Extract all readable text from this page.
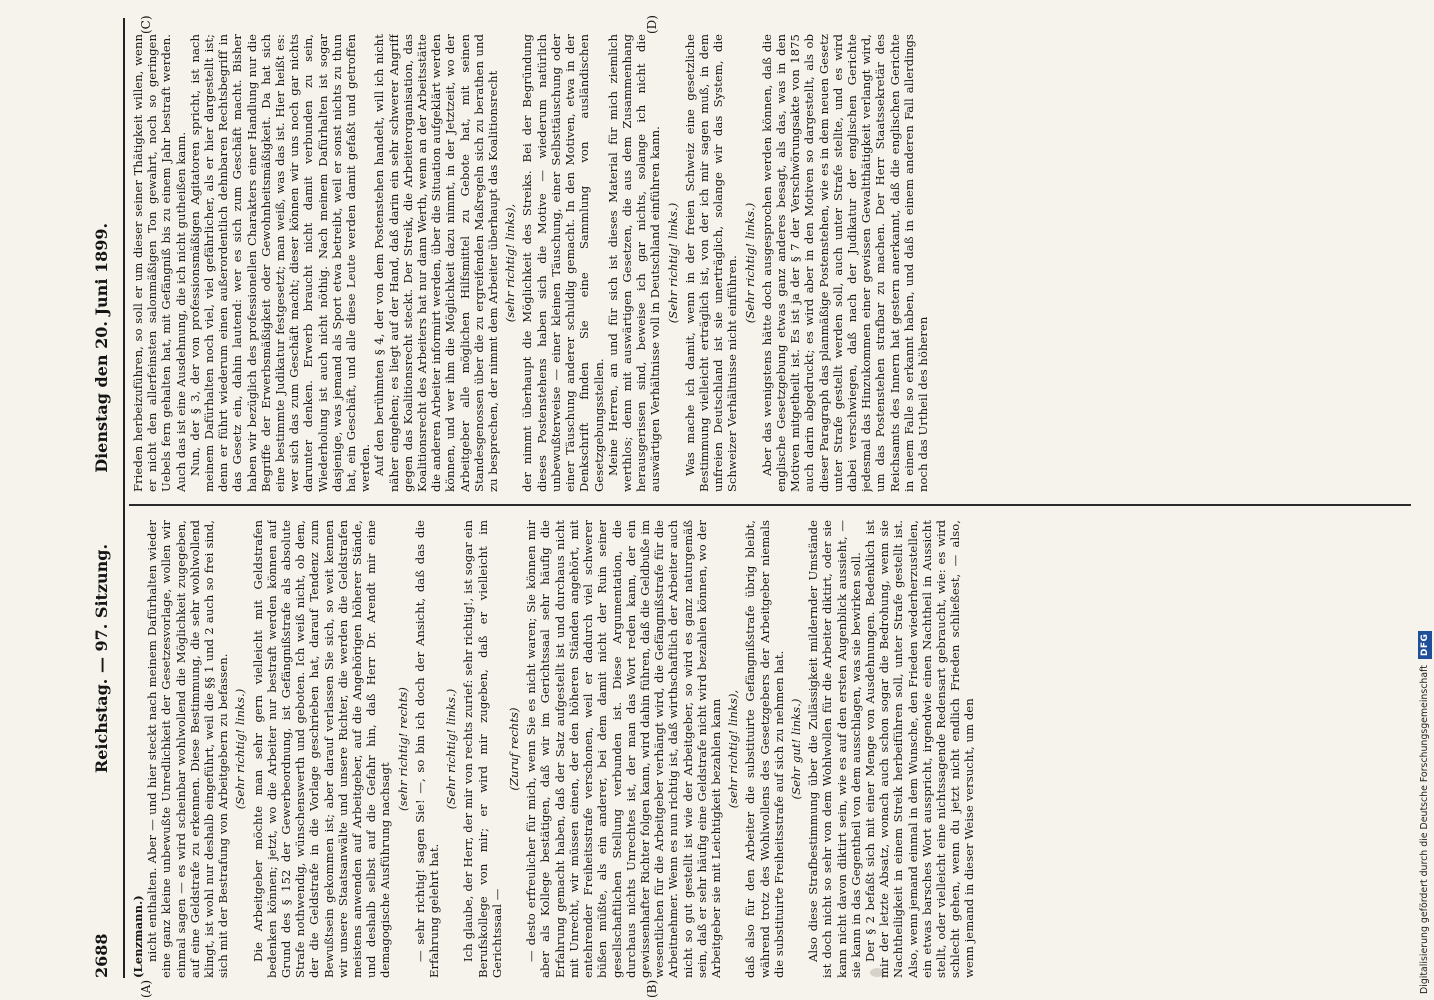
2688
Reichstag. — 97. Sitzung.  Dienstag den 20. Juni 1899.
(A)	(B)
(C)	(D)

(Lenzmann.) nicht enthalten. Aber — und hier steckt nach meinem Dafürhalten wieder eine ganz kleine unbewußte Unredlichkeit der Gesetzesvorlage, wollen wir einmal sagen — es wird scheinbar wohlwollend die Möglichkeit zugegeben, auf eine Geldstrafe zu erkennen. Diese Bestimmung, die sehr wohlwollend klingt, ist wohl nur deshalb eingeführt, weil die §§ 1 und 2 auch so frei sind, sich mit der Bestrafung von Arbeitgebern zu befassen. (Sehr richtig! links.) Die Arbeitgeber möchte man sehr gern vielleicht mit Geldstrafen bedenken können; jetzt, wo die Arbeiter nur bestraft werden können auf Grund des § 152 der Gewerbeordnung, ist Gefängnißstrafe als absolute Strafe nothwendig, wünschenswerth und geboten. Ich weiß nicht, ob dem, der die Geldstrafe in die Vorlage geschrieben hat, darauf Tendenz zum Bewußtsein gekommen ist; aber darauf verlassen Sie sich, so weit kennen wir unsere Staatsanwälte und unsere Richter, die werden die Geldstrafen meistens anwenden auf Arbeitgeber, auf die Angehörigen höherer Stände, und deshalb selbst auf die Gefahr hin, daß Herr Dr. Arendt mir eine demagogische Ausführung nachsagt

(sehr richtig! rechts) — sehr richtig! sagen Sie! —, so bin ich doch der Ansicht, daß das die Erfahrung gelehrt hat.

(Sehr richtig! links.) Ich glaube, der Herr, der mir von rechts zurief: sehr richtig!, ist sogar ein Berufskollege von mir; er wird mir zugeben, daß er vielleicht im Gerichtssaal —

(Zuruf rechts) — desto erfreulicher für mich, wenn Sie es nicht waren; Sie können mir aber als Kollege bestätigen, daß wir im Gerichtssaal sehr häufig die Erfahrung gemacht haben, daß der Satz aufgestellt ist und durchaus nicht mit Unrecht, wir müssen einen, der den höheren Ständen angehört, mit entehrender Freiheitsstrafe verschonen, weil er dadurch viel schwerer büßen müßte, als ein anderer, bei dem damit nicht der Ruin seiner gesellschaftlichen Stellung verbunden ist. Diese Argumentation, die durchaus nichts Unrechtes ist, der man das Wort reden kann, der ein gewissenhafter Richter folgen kann, wird dahin führen, daß die Geldbuße im wesentlichen für die Arbeitgeber verhängt wird, die Gefängnißstrafe für die Arbeitnehmer. Wenn es nun richtig ist, daß wirthschaftlich der Arbeiter auch nicht so gut gestellt ist wie der Arbeitgeber, so wird es ganz naturgemäß sein, daß er sehr häufig eine Geldstrafe nicht wird bezahlen können, wo der Arbeitgeber sie mit Leichtigkeit bezahlen kann (sehr richtig! links), daß also für den Arbeiter die substituirte Gefängnißstrafe übrig bleibt, während trotz des Wohlwollens des Gesetzgebers der Arbeitgeber niemals die substituirte Freiheitsstrafe auf sich zu nehmen hat. (Sehr gut! links.) Also diese Strafbestimmung über die Zulässigkeit mildernder Umstände ist doch nicht so sehr von dem Wohlwollen für die Arbeiter diktirt, oder sie kann nicht davon diktirt sein, wie es auf den ersten Augenblick aussieht, — sie kann in das Gegentheil von dem ausschlagen, was sie bewirken soll. Der § 2 befaßt sich mit einer Menge von Ausdehnungen. Bedenklich ist mir der letzte Absatz, wonach auch schon sogar die Bedrohung, wenn sie Nachtheiligkeit in einem Streik herbeiführen soll, unter Strafe gestellt ist. Also, wenn jemand einmal in dem Wunsche, den Frieden wiederherzustellen, ein etwas barsches Wort ausspricht, irgendwie einen Nachtheil in Aussicht stellt, oder vielleicht eine nichtssagende Redensart gebraucht, wie: es wird schlecht gehen, wenn du jetzt nicht endlich Frieden schließest, — also, wenn jemand in dieser Weise versucht, um den

Frieden herbeizuführen, so soll er um dieser seiner Thätigkeit willen, wenn er nicht den allerfeinsten salonmäßigen Ton gewahrt, noch so geringen Uebels fern gehalten hat, mit Gefängniß bis zu einem Jahr bestraft werden. Auch das ist eine Ausdehnung, die ich nicht gutheißen kann. Nun, der § 3, der von professionsmäßigen Agitatoren spricht, ist nach meinem Dafürhalten noch viel, viel gefährlicher, als er hier dargestellt ist; denn er führt wiederum einen außerordentlich dehnbaren Rechtsbegriff in das Gesetz ein, dahin lautend: wer es sich zum Geschäft macht. Bisher haben wir bezüglich des professionellen Charakters einer Handlung nur die Begriffe der Erwerbsmäßigkeit oder Gewohnheitsmäßigkeit. Da hat sich eine bestimmte Judikatur festgesetzt; man weiß, was das ist. Hier heißt es: wer sich das zum Geschäft macht; dieser können wir uns noch gar nichts darunter denken. Erwerb braucht nicht damit verbunden zu sein, Wiederholung ist auch nicht nöthig. Nach meinem Dafürhalten ist sogar dasjenige, was jemand als Sport etwa betreibt, weil er sonst nichts zu thun hat, ein Geschäft, und alle diese Leute werden damit gefaßt und getroffen werden. Auf den berühmten § 4, der von dem Postenstehen handelt, will ich nicht näher eingehen; es liegt auf der Hand, daß darin ein sehr schwerer Angriff gegen das Koalitionsrecht steckt. Der Streik, die Arbeiterorganisation, das Koalitionsrecht des Arbeiters hat nur dann Werth, wenn an der Arbeitsstätte die anderen Arbeiter informirt werden, über die Situation aufgeklärt werden können, und wer ihm die Möglichkeit dazu nimmt, in der Jetztzeit, wo der Arbeitgeber alle möglichen Hilfsmittel zu Gebote hat, mit seinen Standesgenossen über die zu ergreifenden Maßregeln sich zu berathen und zu besprechen, der nimmt dem Arbeiter überhaupt das Koalitionsrecht (sehr richtig! links), der nimmt überhaupt die Möglichkeit des Streiks. Bei der Begründung dieses Postenstehens haben sich die Motive — wiederum natürlich unbewußterweise — einer kleinen Täuschung, einer Selbsttäuschung oder einer Täuschung anderer schuldig gemacht. In den Motiven, etwa in der Denkschrift finden Sie eine Sammlung von ausländischen Gesetzgebungsstellen. Meine Herren, an und für sich ist dieses Material für mich ziemlich werthlos; denn mit auswärtigen Gesetzen, die aus dem Zusammenhang herausgerissen sind, beweise ich gar nichts, solange ich nicht die auswärtigen Verhältnisse voll in Deutschland einführen kann. (Sehr richtig! links.) Was mache ich damit, wenn in der freien Schweiz eine gesetzliche Bestimmung vielleicht erträglich ist, von der ich mir sagen muß, in dem unfreien Deutschland ist sie unerträglich, solange wir das System, die Schweizer Verhältnisse nicht einführen. (Sehr richtig! links.) Aber das wenigstens hätte doch ausgesprochen werden können, daß die englische Gesetzgebung etwas ganz anderes besagt, als das, was in den Motiven mitgetheilt ist. Es ist ja der § 7 der Verschwörungsakte von 1875 auch darin abgedruckt; es wird aber in den Motiven so dargestellt, als ob dieser Paragraph das planmäßige Postenstehen, wie es in dem neuen Gesetz unter Strafe gestellt werden soll, auch unter Strafe stellte, und es wird dabei verschwiegen, daß nach der Judikatur der englischen Gerichte jedesmal das Hinzukommen einer gewissen Gewaltthätigkeit verlangt wird, um das Postenstehen strafbar zu machen. Der Herr Staatssekretär des Reichsamts des Innern hat gestern anerkannt, daß die englischen Gerichte in einem Falle so erkannt haben, und daß in einem anderen Fall allerdings noch das Urtheil des höheren

Digitalisierung gefördert durch die Deutsche ForschungsgemeinschaftDFG
